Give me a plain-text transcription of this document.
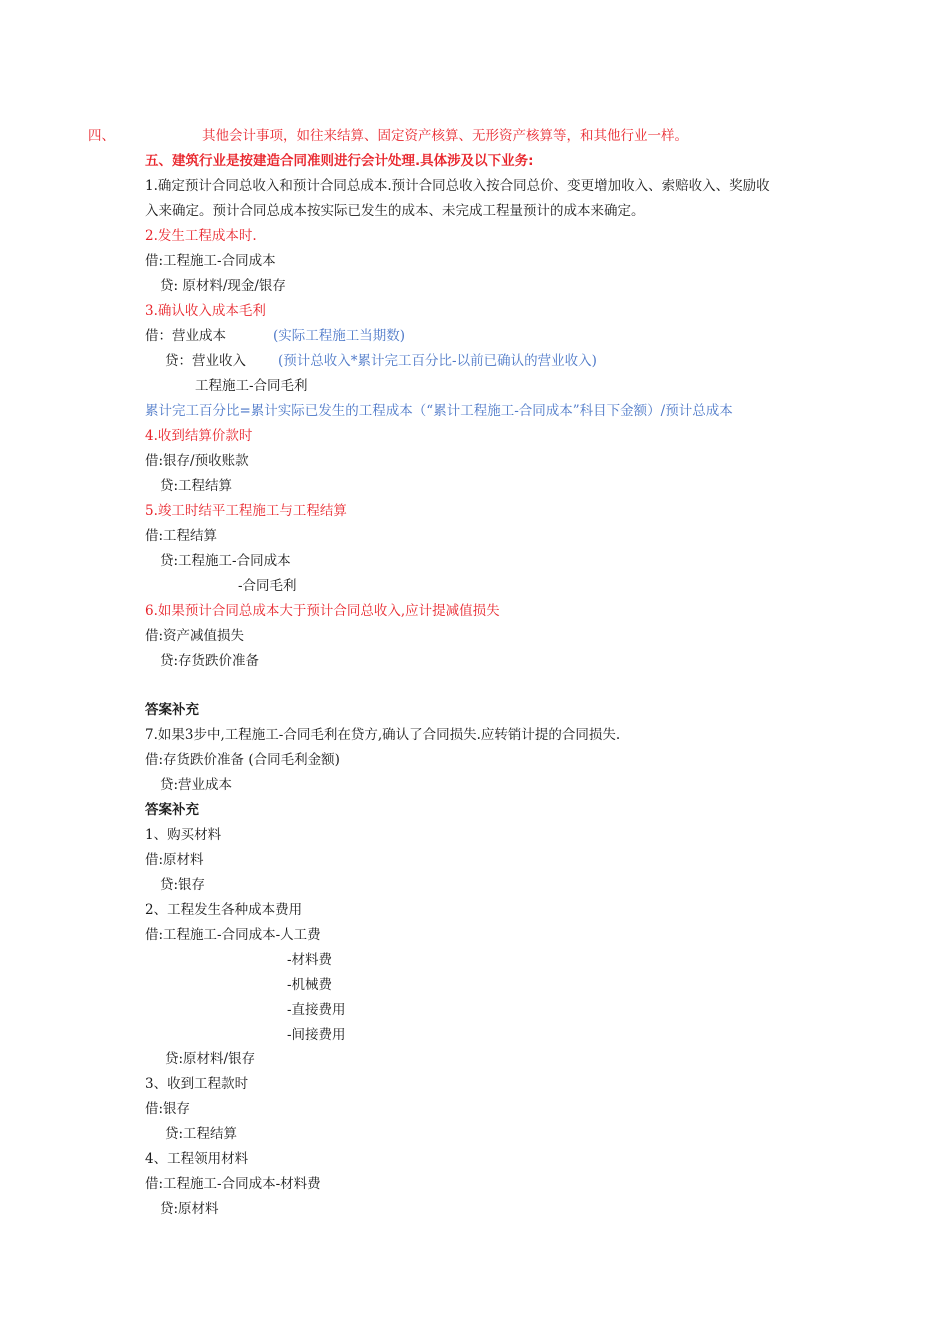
四、	其他会计事项，如往来结算、固定资产核算、无形资产核算等，和其他行业一样。
五、建筑行业是按建造合同准则进行会计处理.具体涉及以下业务:
1.确定预计合同总收入和预计合同总成本.预计合同总收入按合同总价、变更增加收入、索赔收入、奖励收
入来确定。预计合同总成本按实际已发生的成本、未完成工程量预计的成本来确定。
2.发生工程成本时.
借:工程施工-合同成本
贷: 原材料/现金/银存
3.确认收入成本毛利
借：营业成本	(实际工程施工当期数)
贷：营业收入 (预计总收入*累计完工百分比-以前已确认的营业收入)
工程施工-合同毛利
累计完工百分比=累计实际已发生的工程成本（“累计工程施工-合同成本”科目下金额）/预计总成本
4.收到结算价款时
借:银存/预收账款
贷:工程结算
5.竣工时结平工程施工与工程结算
借:工程结算
贷:工程施工-合同成本
-合同毛利
6.如果预计合同总成本大于预计合同总收入,应计提减值损失
借:资产减值损失
贷:存货跌价准备
答案补充
7.如果3步中,工程施工-合同毛利在贷方,确认了合同损失.应转销计提的合同损失.
借:存货跌价准备 (合同毛利金额)
贷:营业成本
答案补充
1、购买材料
借:原材料
贷:银存
2、工程发生各种成本费用
借:工程施工-合同成本-人工费
-材料费
-机械费
-直接费用
-间接费用
贷:原材料/银存
3、收到工程款时
借:银存
贷:工程结算
4、工程领用材料
借:工程施工-合同成本-材料费
贷:原材料
